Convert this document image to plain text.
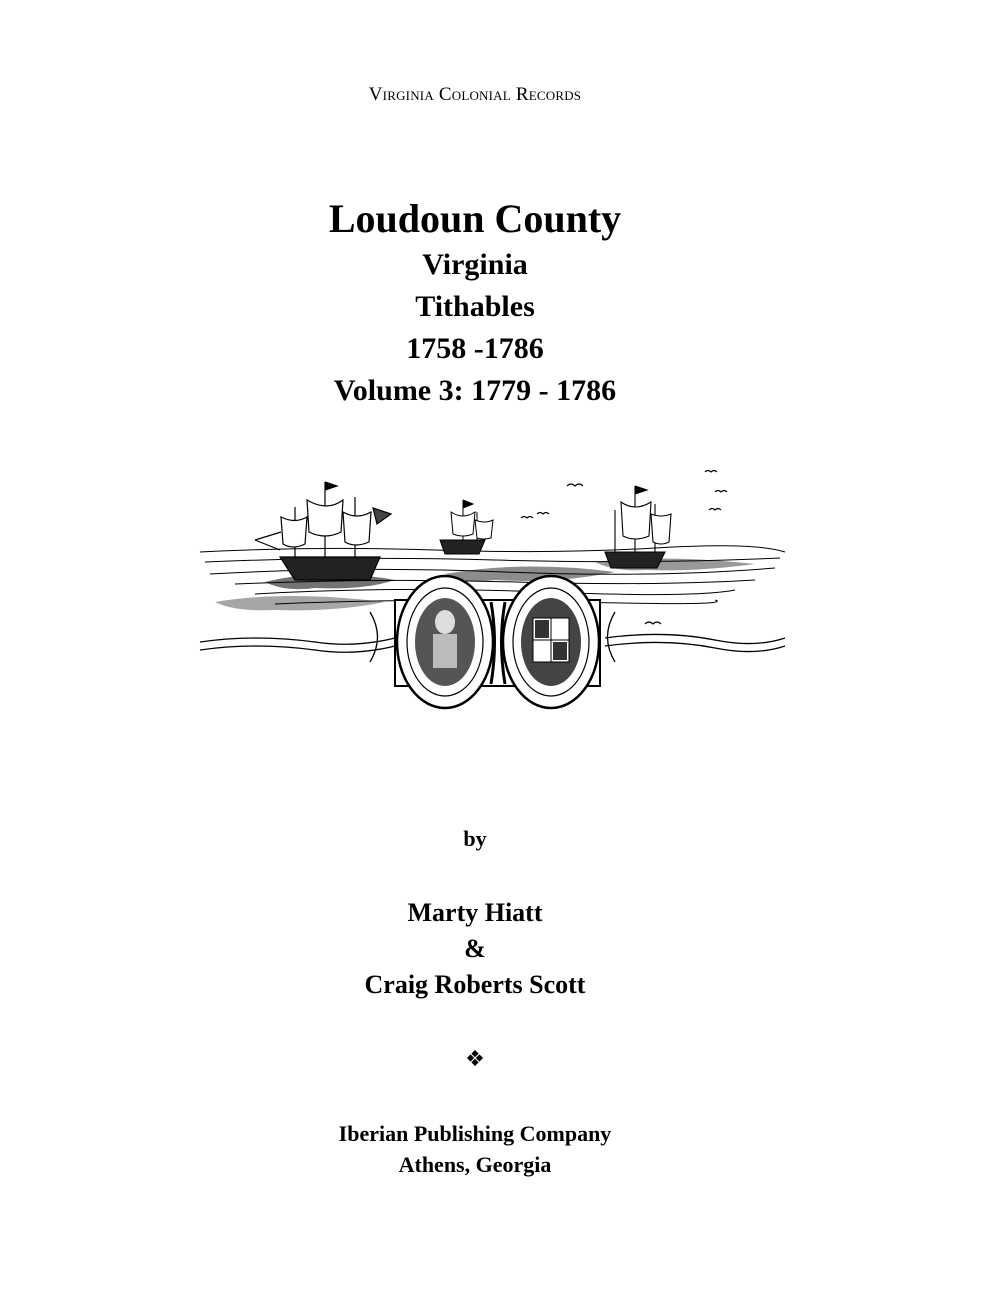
Virginia Colonial Records
Loudoun County
Virginia
Tithables
1758 -1786
Volume 3: 1779 - 1786
by
Marty Hiatt
&
Craig Roberts Scott
❖
Iberian Publishing Company
Athens, Georgia
